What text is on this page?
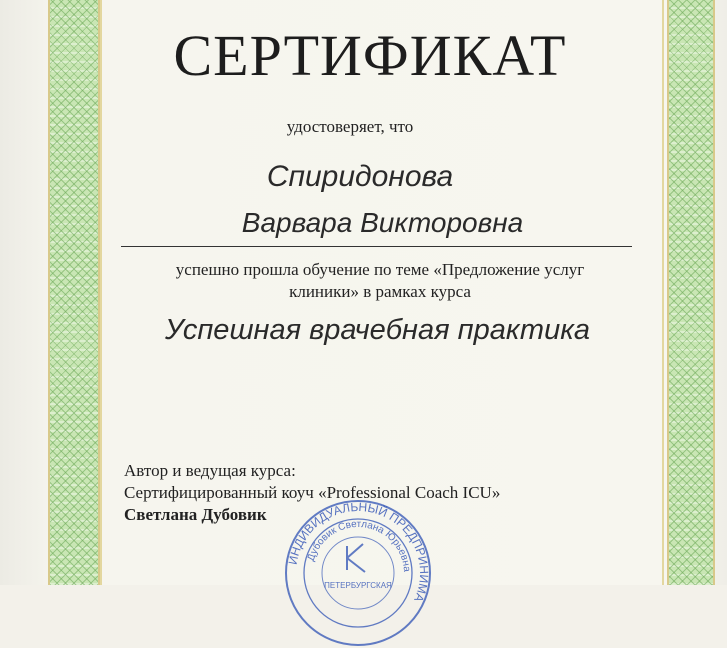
СЕРТИФИКАТ
удостоверяет, что
Спиридонова
Варвара Викторовна
успешно прошла обучение по теме «Предложение услуг
клиники» в рамках курса
Успешная врачебная практика
Автор и ведущая курса:
Сертифицированный коуч «Professional Coach ICU»
Светлана Дубовик
ИНДИВИДУАЛЬНЫЙ ПРЕДПРИНИМА
Дубовик Светлана Юрьевна
ПЕТЕРБУРГСКАЯ
